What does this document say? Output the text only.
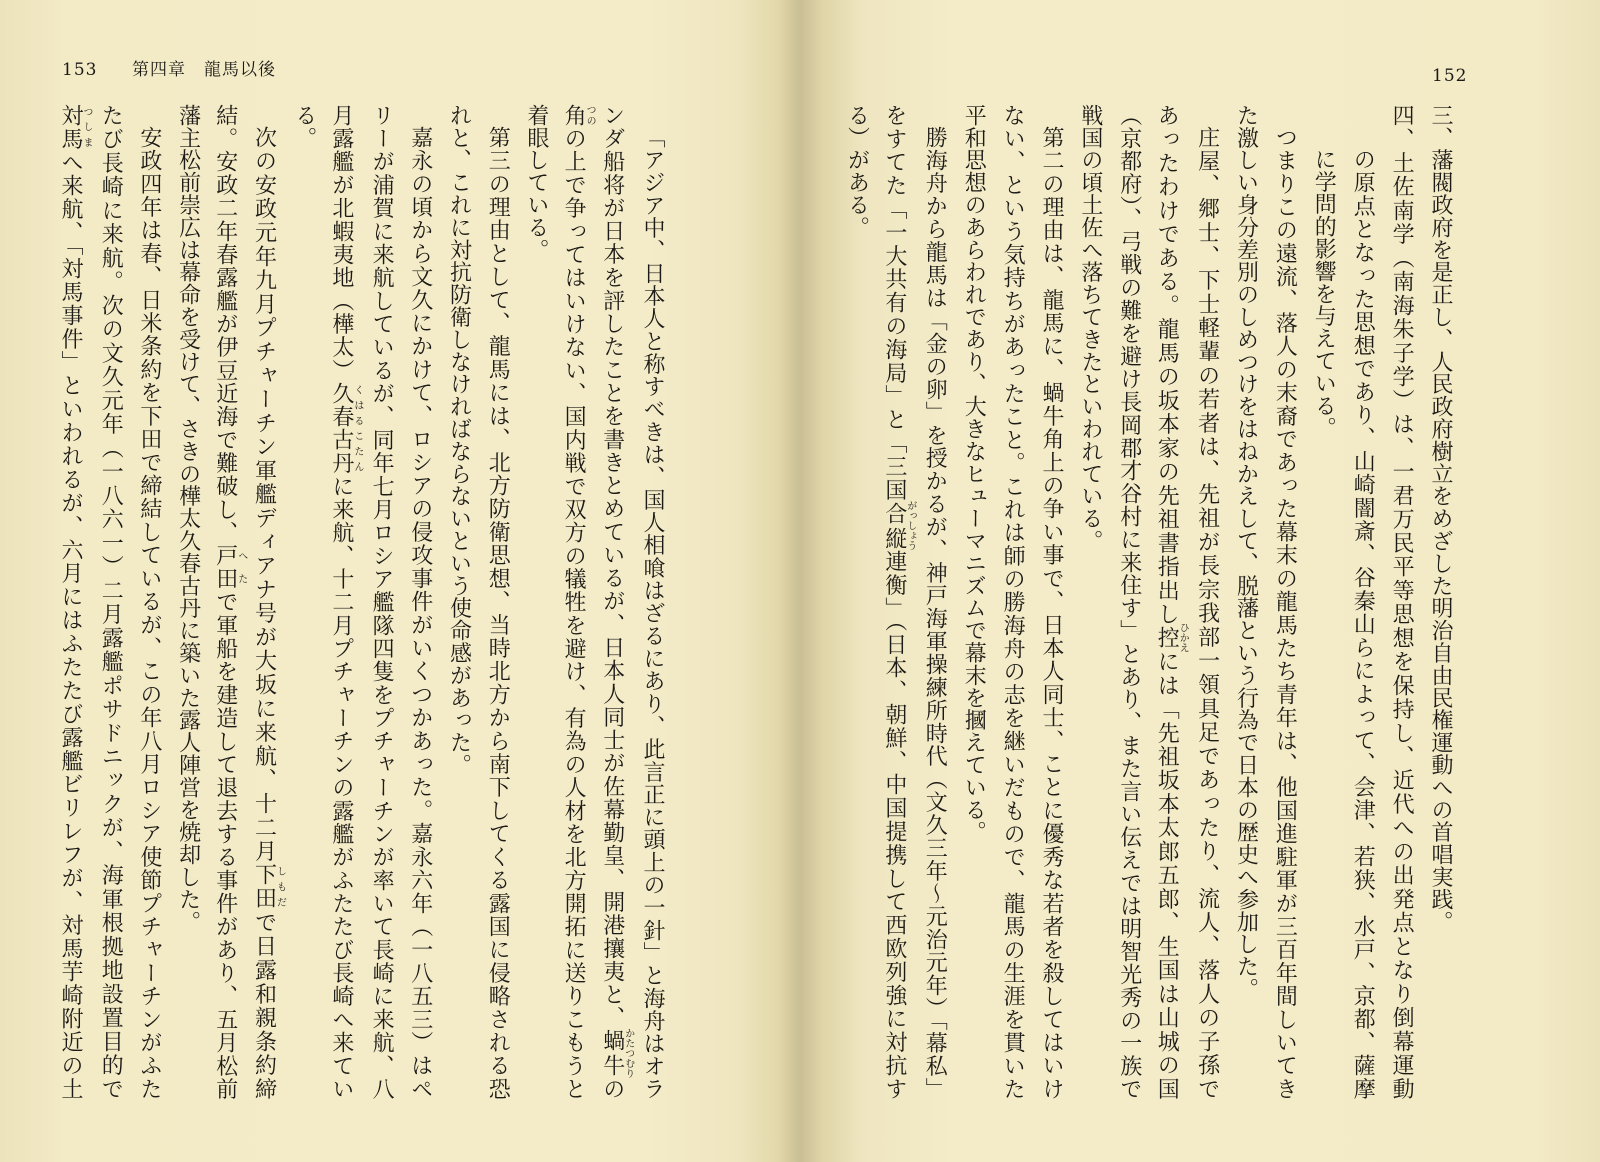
153 第四章　龍馬以後

「アジア中、日本人と称すべきは、国人相喰はざるにあり、此言正に頭上の一針」と海舟はオラ

ンダ船将が日本を評したことを書きとめているが、日本人同士が佐幕勤皇、開港攘夷と、蝸牛かたつむりの

角つのの上で争ってはいけない、国内戦で双方の犠牲を避け、有為の人材を北方開拓に送りこもうと

着眼している。

第三の理由として、龍馬には、北方防衛思想、当時北方から南下してくる露国に侵略される恐

れと、これに対抗防衛しなければならないという使命感があった。

嘉永の頃から文久にかけて、ロシアの侵攻事件がいくつかあった。嘉永六年（一八五三）はペ

リーが浦賀に来航しているが、同年七月ロシア艦隊四隻をプチャーチンが率いて長崎に来航、八

月露艦が北蝦夷地（樺太）久春古丹くはるこたんに来航、十二月プチャーチンの露艦がふたたび長崎へ来てい

る。

次の安政元年九月プチャーチン軍艦ディアナ号が大坂に来航、十二月下田しもだで日露和親条約締

結。安政二年春露艦が伊豆近海で難破し、戸田へたで軍船を建造して退去する事件があり、五月松前

藩主松前崇広は幕命を受けて、さきの樺太久春古丹に築いた露人陣営を焼却した。

安政四年は春、日米条約を下田で締結しているが、この年八月ロシア使節プチャーチンがふた

たび長崎に来航。次の文久元年（一八六一）二月露艦ポサドニックが、海軍根拠地設置目的で

対馬つしまへ来航、「対馬事件」といわれるが、六月にはふたたび露艦ビリレフが、対馬芋崎附近の土

152

三、藩閥政府を是正し、人民政府樹立をめざした明治自由民権運動への首唱実践。

四、土佐南学（南海朱子学）は、一君万民平等思想を保持し、近代への出発点となり倒幕運動

の原点となった思想であり、山崎闇斎、谷秦山らによって、会津、若狭、水戸、京都、薩摩

に学問的影響を与えている。

つまりこの遠流、落人の末裔であった幕末の龍馬たち青年は、他国進駐軍が三百年間しいてき

た激しい身分差別のしめつけをはねかえして、脱藩という行為で日本の歴史へ参加した。

庄屋、郷士、下士軽輩の若者は、先祖が長宗我部一領具足であったり、流人、落人の子孫で

あったわけである。龍馬の坂本家の先祖書指出し控ひかえには「先祖坂本太郎五郎、生国は山城の国

（京都府）、弓戦の難を避け長岡郡才谷村に来住す」とあり、また言い伝えでは明智光秀の一族で

戦国の頃土佐へ落ちてきたといわれている。

第二の理由は、龍馬に、蝸牛角上の争い事で、日本人同士、ことに優秀な若者を殺してはいけ

ない、という気持ちがあったこと。これは師の勝海舟の志を継いだもので、龍馬の生涯を貫いた

平和思想のあらわれであり、大きなヒューマニズムで幕末を摑えている。

勝海舟から龍馬は「金の卵」を授かるが、神戸海軍操練所時代（文久三年～元治元年）「幕私」

をすてた「一大共有の海局」と「三国合縦がっしょう連衡」（日本、朝鮮、中国提携して西欧列強に対抗す

る）がある。
